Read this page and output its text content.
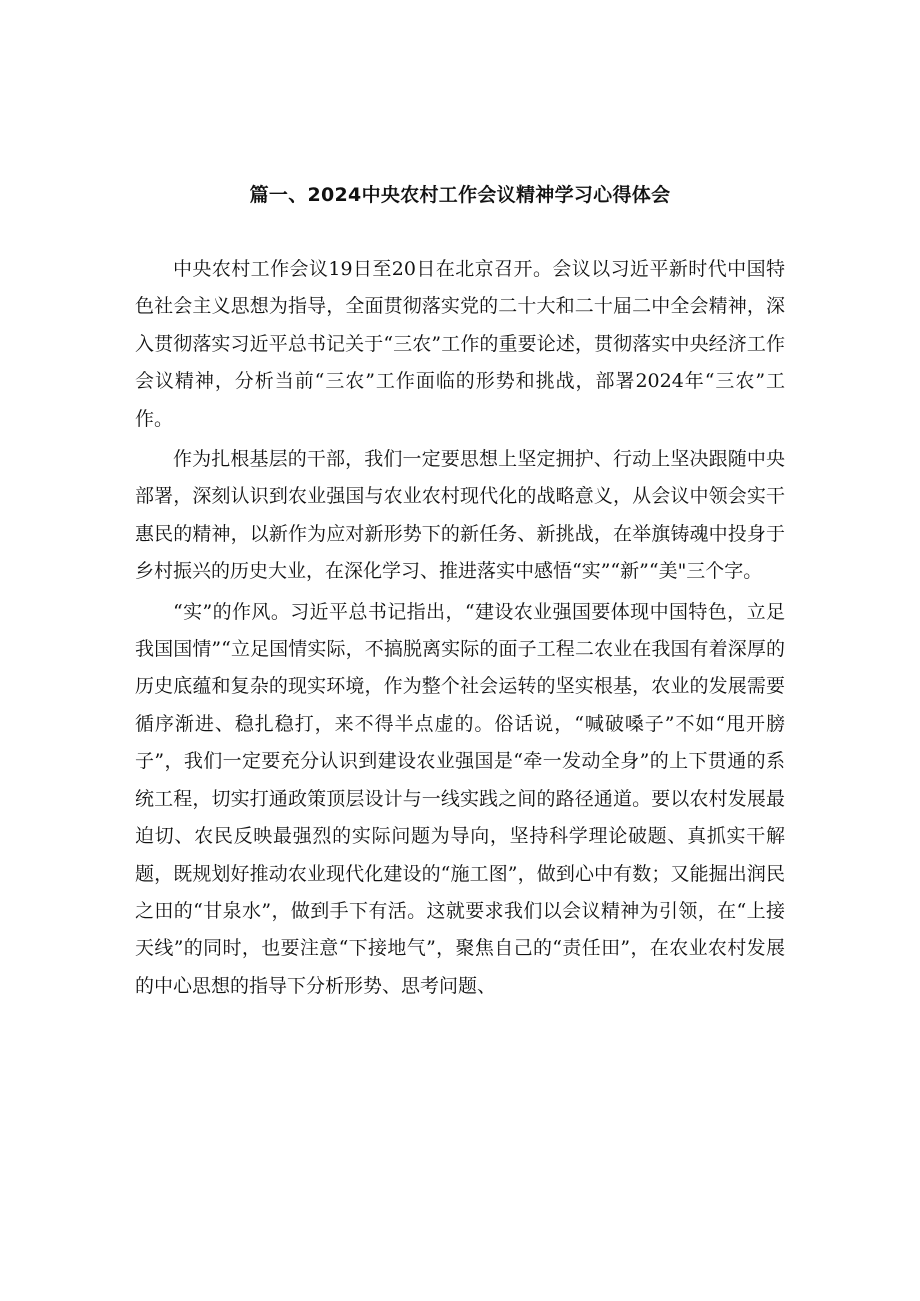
篇一、2024中央农村工作会议精神学习心得体会

中央农村工作会议19日至20日在北京召开。会议以习近平新时代中国特色社会主义思想为指导，全面贯彻落实党的二十大和二十届二中全会精神，深入贯彻落实习近平总书记关于“三农”工作的重要论述，贯彻落实中央经济工作会议精神，分析当前“三农”工作面临的形势和挑战，部署2024年“三农”工作。

作为扎根基层的干部，我们一定要思想上坚定拥护、行动上坚决跟随中央部署，深刻认识到农业强国与农业农村现代化的战略意义，从会议中领会实干惠民的精神，以新作为应对新形势下的新任务、新挑战，在举旗铸魂中投身于乡村振兴的历史大业，在深化学习、推进落实中感悟“实”“新”“美"三个字。

“实”的作风。习近平总书记指出，“建设农业强国要体现中国特色，立足我国国情”“立足国情实际，不搞脱离实际的面子工程二农业在我国有着深厚的历史底蕴和复杂的现实环境，作为整个社会运转的坚实根基，农业的发展需要循序渐进、稳扎稳打，来不得半点虚的。俗话说，“喊破嗓子”不如“甩开膀子”，我们一定要充分认识到建设农业强国是“牵一发动全身”的上下贯通的系统工程，切实打通政策顶层设计与一线实践之间的路径通道。要以农村发展最迫切、农民反映最强烈的实际问题为导向，坚持科学理论破题、真抓实干解题，既规划好推动农业现代化建设的“施工图”，做到心中有数；又能掘出润民之田的“甘泉水”，做到手下有活。这就要求我们以会议精神为引领，在“上接天线”的同时，也要注意“下接地气”，聚焦自己的“责任田”，在农业农村发展的中心思想的指导下分析形势、思考问题、
